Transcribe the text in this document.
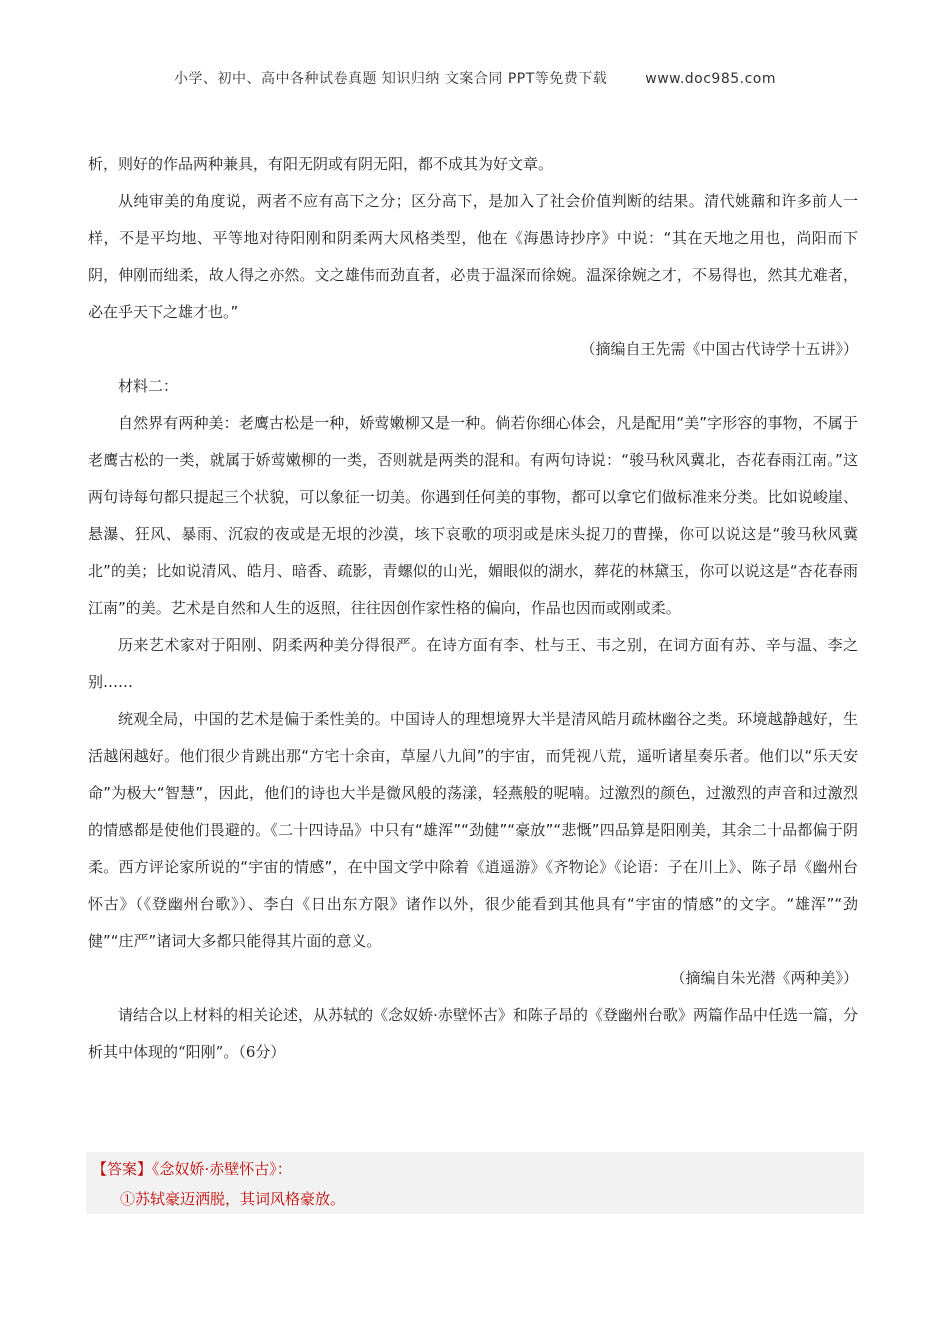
小学、初中、高中各种试卷真题 知识归纳 文案合同 PPT等免费下载	www.doc985.com

析，则好的作品两种兼具，有阳无阴或有阴无阳，都不成其为好文章。

从纯审美的角度说，两者不应有高下之分；区分高下，是加入了社会价值判断的结果。清代姚鼐和许多前人一样，不是平均地、平等地对待阳刚和阴柔两大风格类型，他在《海愚诗抄序》中说：“其在天地之用也，尚阳而下阴，伸刚而绌柔，故人得之亦然。文之雄伟而劲直者，必贵于温深而徐婉。温深徐婉之才，不易得也，然其尤难者，必在乎天下之雄才也。”

（摘编自王先需《中国古代诗学十五讲》）

材料二：

自然界有两种美：老鹰古松是一种，娇莺嫩柳又是一种。倘若你细心体会，凡是配用“美”字形容的事物，不属于老鹰古松的一类，就属于娇莺嫩柳的一类，否则就是两类的混和。有两句诗说：“骏马秋风冀北，杏花春雨江南。”这两句诗每句都只提起三个状貌，可以象征一切美。你遇到任何美的事物，都可以拿它们做标准来分类。比如说峻崖、悬瀑、狂风、暴雨、沉寂的夜或是无垠的沙漠，垓下哀歌的项羽或是床头捉刀的曹操，你可以说这是“骏马秋风冀北”的美；比如说清风、皓月、暗香、疏影，青螺似的山光，媚眼似的湖水，葬花的林黛玉，你可以说这是“杏花春雨江南”的美。艺术是自然和人生的返照，往往因创作家性格的偏向，作品也因而或刚或柔。

历来艺术家对于阳刚、阴柔两种美分得很严。在诗方面有李、杜与王、韦之别，在词方面有苏、辛与温、李之别……

统观全局，中国的艺术是偏于柔性美的。中国诗人的理想境界大半是清风皓月疏林幽谷之类。环境越静越好，生活越闲越好。他们很少肯跳出那“方宅十余亩，草屋八九间”的宇宙，而凭视八荒，遥听诸星奏乐者。他们以“乐天安命”为极大“智慧”，因此，他们的诗也大半是微风般的荡漾，轻燕般的呢喃。过激烈的颜色，过激烈的声音和过激烈的情感都是使他们畏避的。《二十四诗品》中只有“雄浑”“劲健”“豪放”“悲慨”四品算是阳刚美，其余二十品都偏于阴柔。西方评论家所说的“宇宙的情感”，在中国文学中除着《逍遥游》《齐物论》《论语：子在川上》、陈子昂《幽州台怀古》（《登幽州台歌》）、李白《日出东方限》诸作以外，很少能看到其他具有“宇宙的情感”的文字。“雄浑”“劲健”“庄严”诸词大多都只能得其片面的意义。

（摘编自朱光潜《两种美》）

请结合以上材料的相关论述，从苏轼的《念奴娇·赤壁怀古》和陈子昂的《登幽州台歌》两篇作品中任选一篇，分析其中体现的“阳刚”。（6分）

【答案】《念奴娇·赤壁怀古》：
①苏轼豪迈洒脱，其词风格豪放。
